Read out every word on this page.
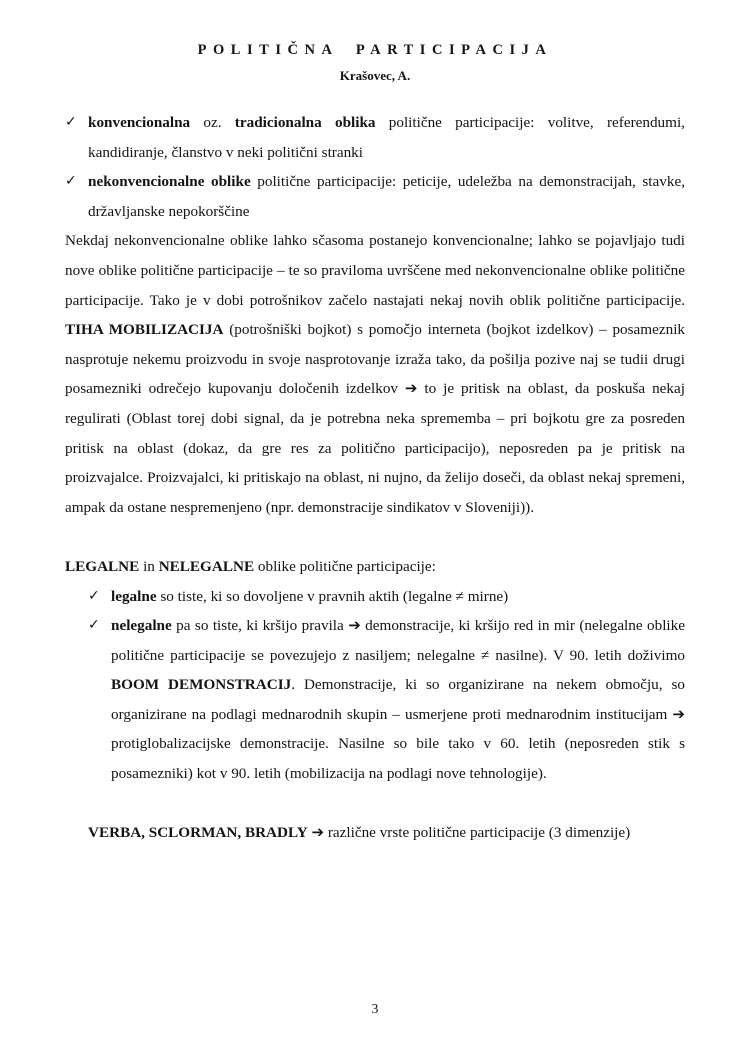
POLITIČNA PARTICIPACIJA
Krašovec, A.
✓ konvencionalna oz. tradicionalna oblika politične participacije: volitve, referendumi, kandidiranje, članstvo v neki politični stranki
✓ nekonvencionalne oblike politične participacije: peticije, udeležba na demonstracijah, stavke, državljanske nepokorščine
Nekdaj nekonvencionalne oblike lahko sčasoma postanejo konvencionalne; lahko se pojavljajo tudi nove oblike politične participacije – te so praviloma uvrščene med nekonvencionalne oblike politične participacije. Tako je v dobi potrošnikov začelo nastajati nekaj novih oblik politične participacije. TIHA MOBILIZACIJA (potrošniški bojkot) s pomočjo interneta (bojkot izdelkov) – posameznik nasprotuje nekemu proizvodu in svoje nasprotovanje izraža tako, da pošilja pozive naj se tudii drugi posamezniki odrečejo kupovanju določenih izdelkov ➔ to je pritisk na oblast, da poskuša nekaj regulirati (Oblast torej dobi signal, da je potrebna neka sprememba – pri bojkotu gre za posreden pritisk na oblast (dokaz, da gre res za politično participacijo), neposreden pa je pritisk na proizvajalce. Proizvajalci, ki pritiskajo na oblast, ni nujno, da želijo doseči, da oblast nekaj spremeni, ampak da ostane nespremenjeno (npr. demonstracije sindikatov v Sloveniji)).
LEGALNE in NELEGALNE oblike politične participacije:
✓ legalne so tiste, ki so dovoljene v pravnih aktih (legalne ≠ mirne)
✓ nelegalne pa so tiste, ki kršijo pravila ➔ demonstracije, ki kršijo red in mir (nelegalne oblike politične participacije se povezujejo z nasiljem; nelegalne ≠ nasilne). V 90. letih doživimo BOOM DEMONSTRACIJ. Demonstracije, ki so organizirane na nekem območju, so organizirane na podlagi mednarodnih skupin – usmerjene proti mednarodnim institucijam ➔ protiglobalizacijske demonstracije. Nasilne so bile tako v 60. letih (neposreden stik s posamezniki) kot v 90. letih (mobilizacija na podlagi nove tehnologije).
VERBA, SCLORMAN, BRADLY ➔ različne vrste politične participacije (3 dimenzije)
3
